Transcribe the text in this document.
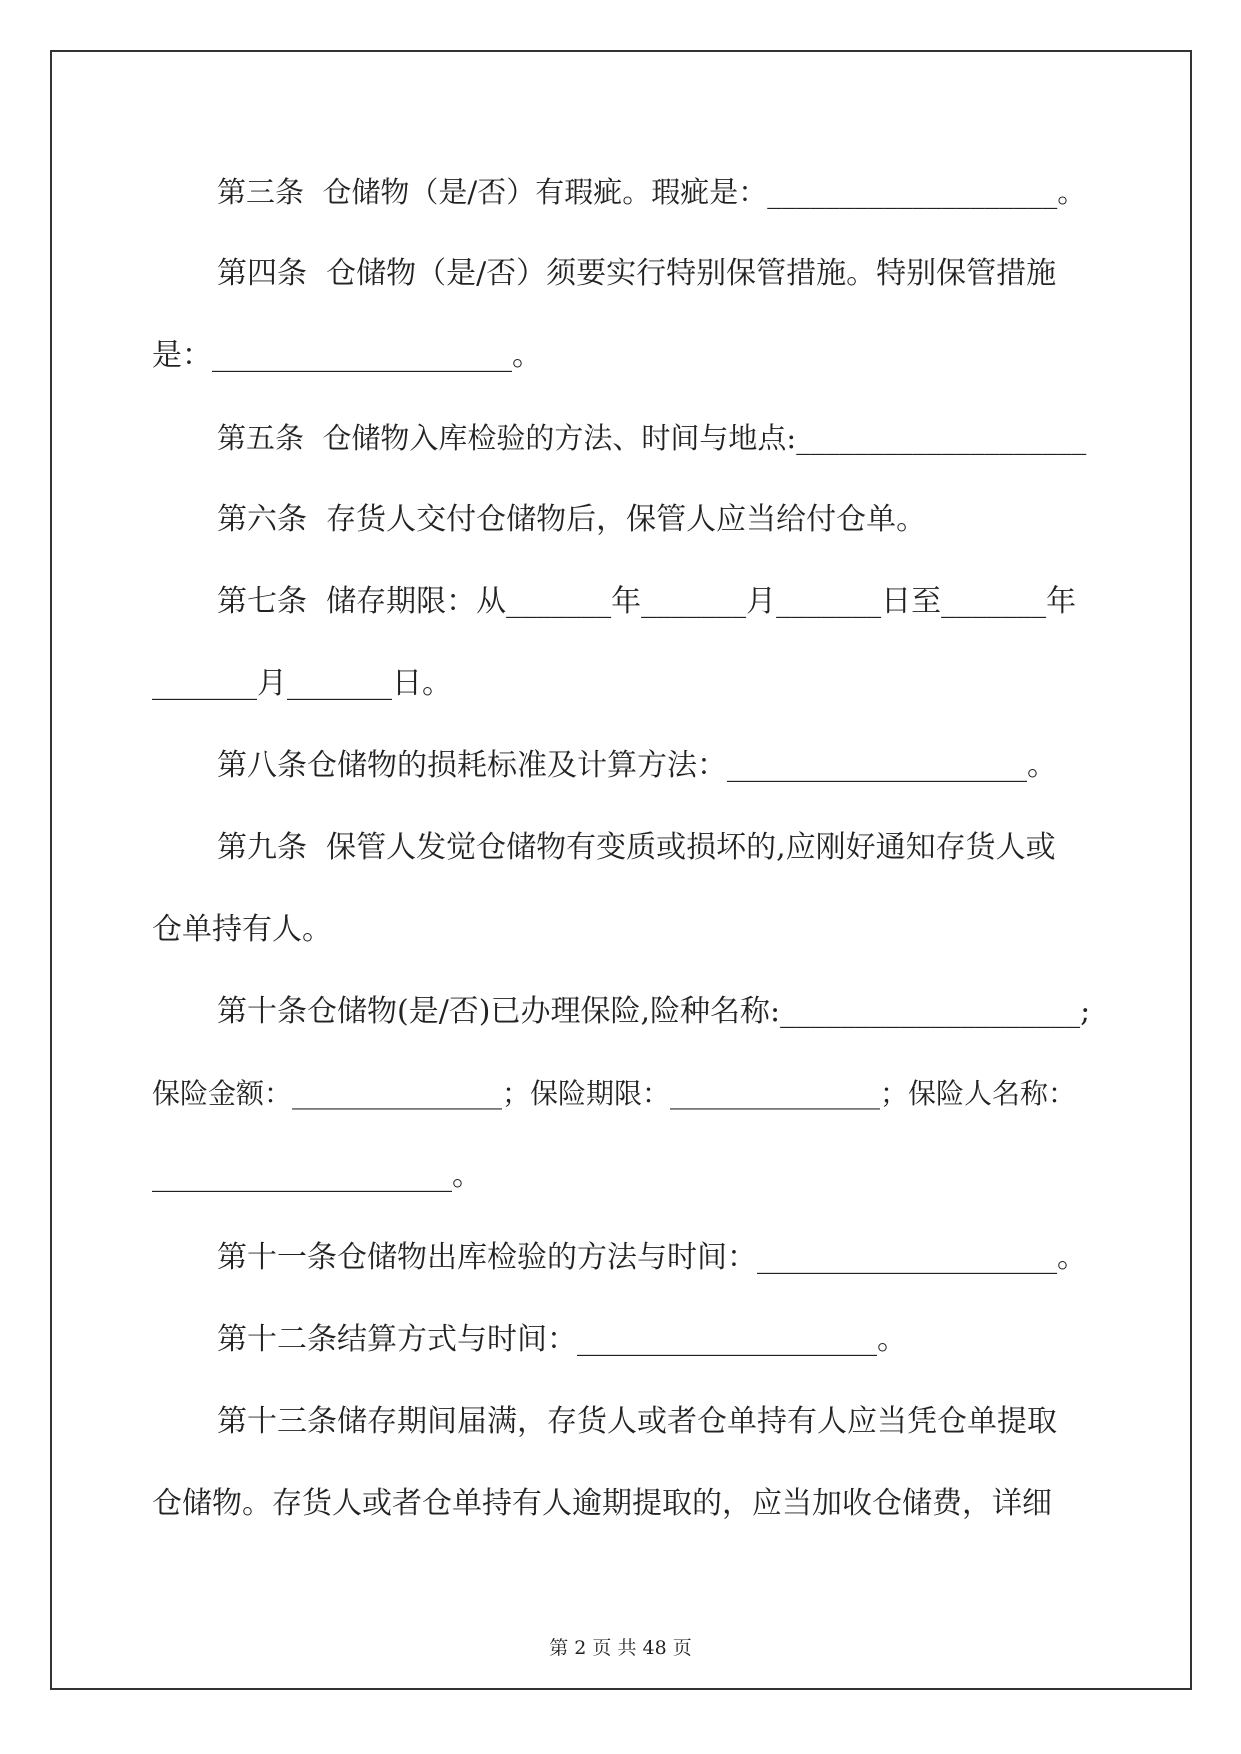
第三条  仓储物（是/否）有瑕疵。瑕疵是：____________________。
第四条  仓储物（是/否）须要实行特别保管措施。特别保管措施
是：____________________。
第五条  仓储物入库检验的方法、时间与地点:____________________
第六条  存货人交付仓储物后，保管人应当给付仓单。
第七条  储存期限：从_______年_______月_______日至_______年
_______月_______日。
第八条仓储物的损耗标准及计算方法：____________________。
第九条  保管人发觉仓储物有变质或损坏的,应刚好通知存货人或
仓单持有人。
第十条仓储物(是/否)已办理保险,险种名称:____________________;
保险金额：_______________；保险期限：_______________；保险人名称：
____________________。
第十一条仓储物出库检验的方法与时间：____________________。
第十二条结算方式与时间：____________________。
第十三条储存期间届满，存货人或者仓单持有人应当凭仓单提取
仓储物。存货人或者仓单持有人逾期提取的，应当加收仓储费，详细
第 2 页 共 48 页
